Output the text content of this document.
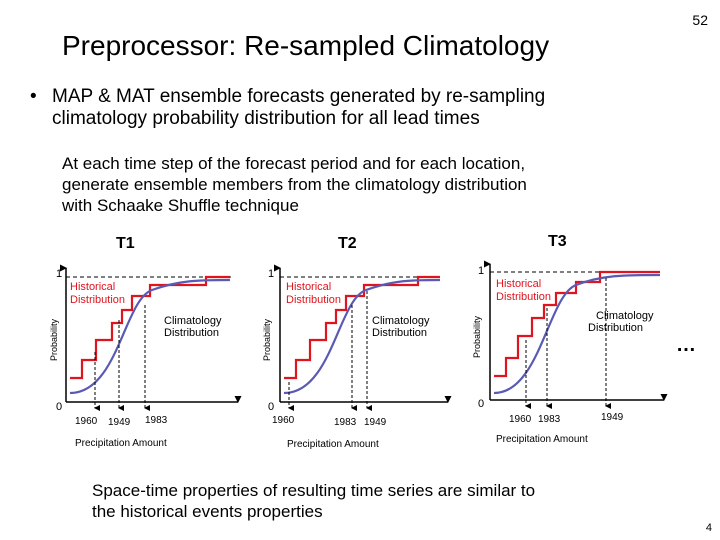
52
Preprocessor: Re-sampled Climatology
• MAP & MAT ensemble forecasts generated by re-sampling
climatology probability distribution for all lead times
At each time step of the forecast period and for each location,
generate ensemble members from the climatology distribution
with Schaake Shuffle technique
T1
1
0
Probability
Historical
Distribution
Climatology
Distribution
1960 1949 1983
Precipitation Amount
T2
1
0
Probability
Historical
Distribution
Climatology
Distribution
1960	1983 1949
Precipitation Amount
T3
1
0
Probability
Historical
Distribution
Climatology
Distribution
1960 1983	1949
Precipitation Amount
…
Space-time properties of resulting time series are similar to
the historical events properties
4
